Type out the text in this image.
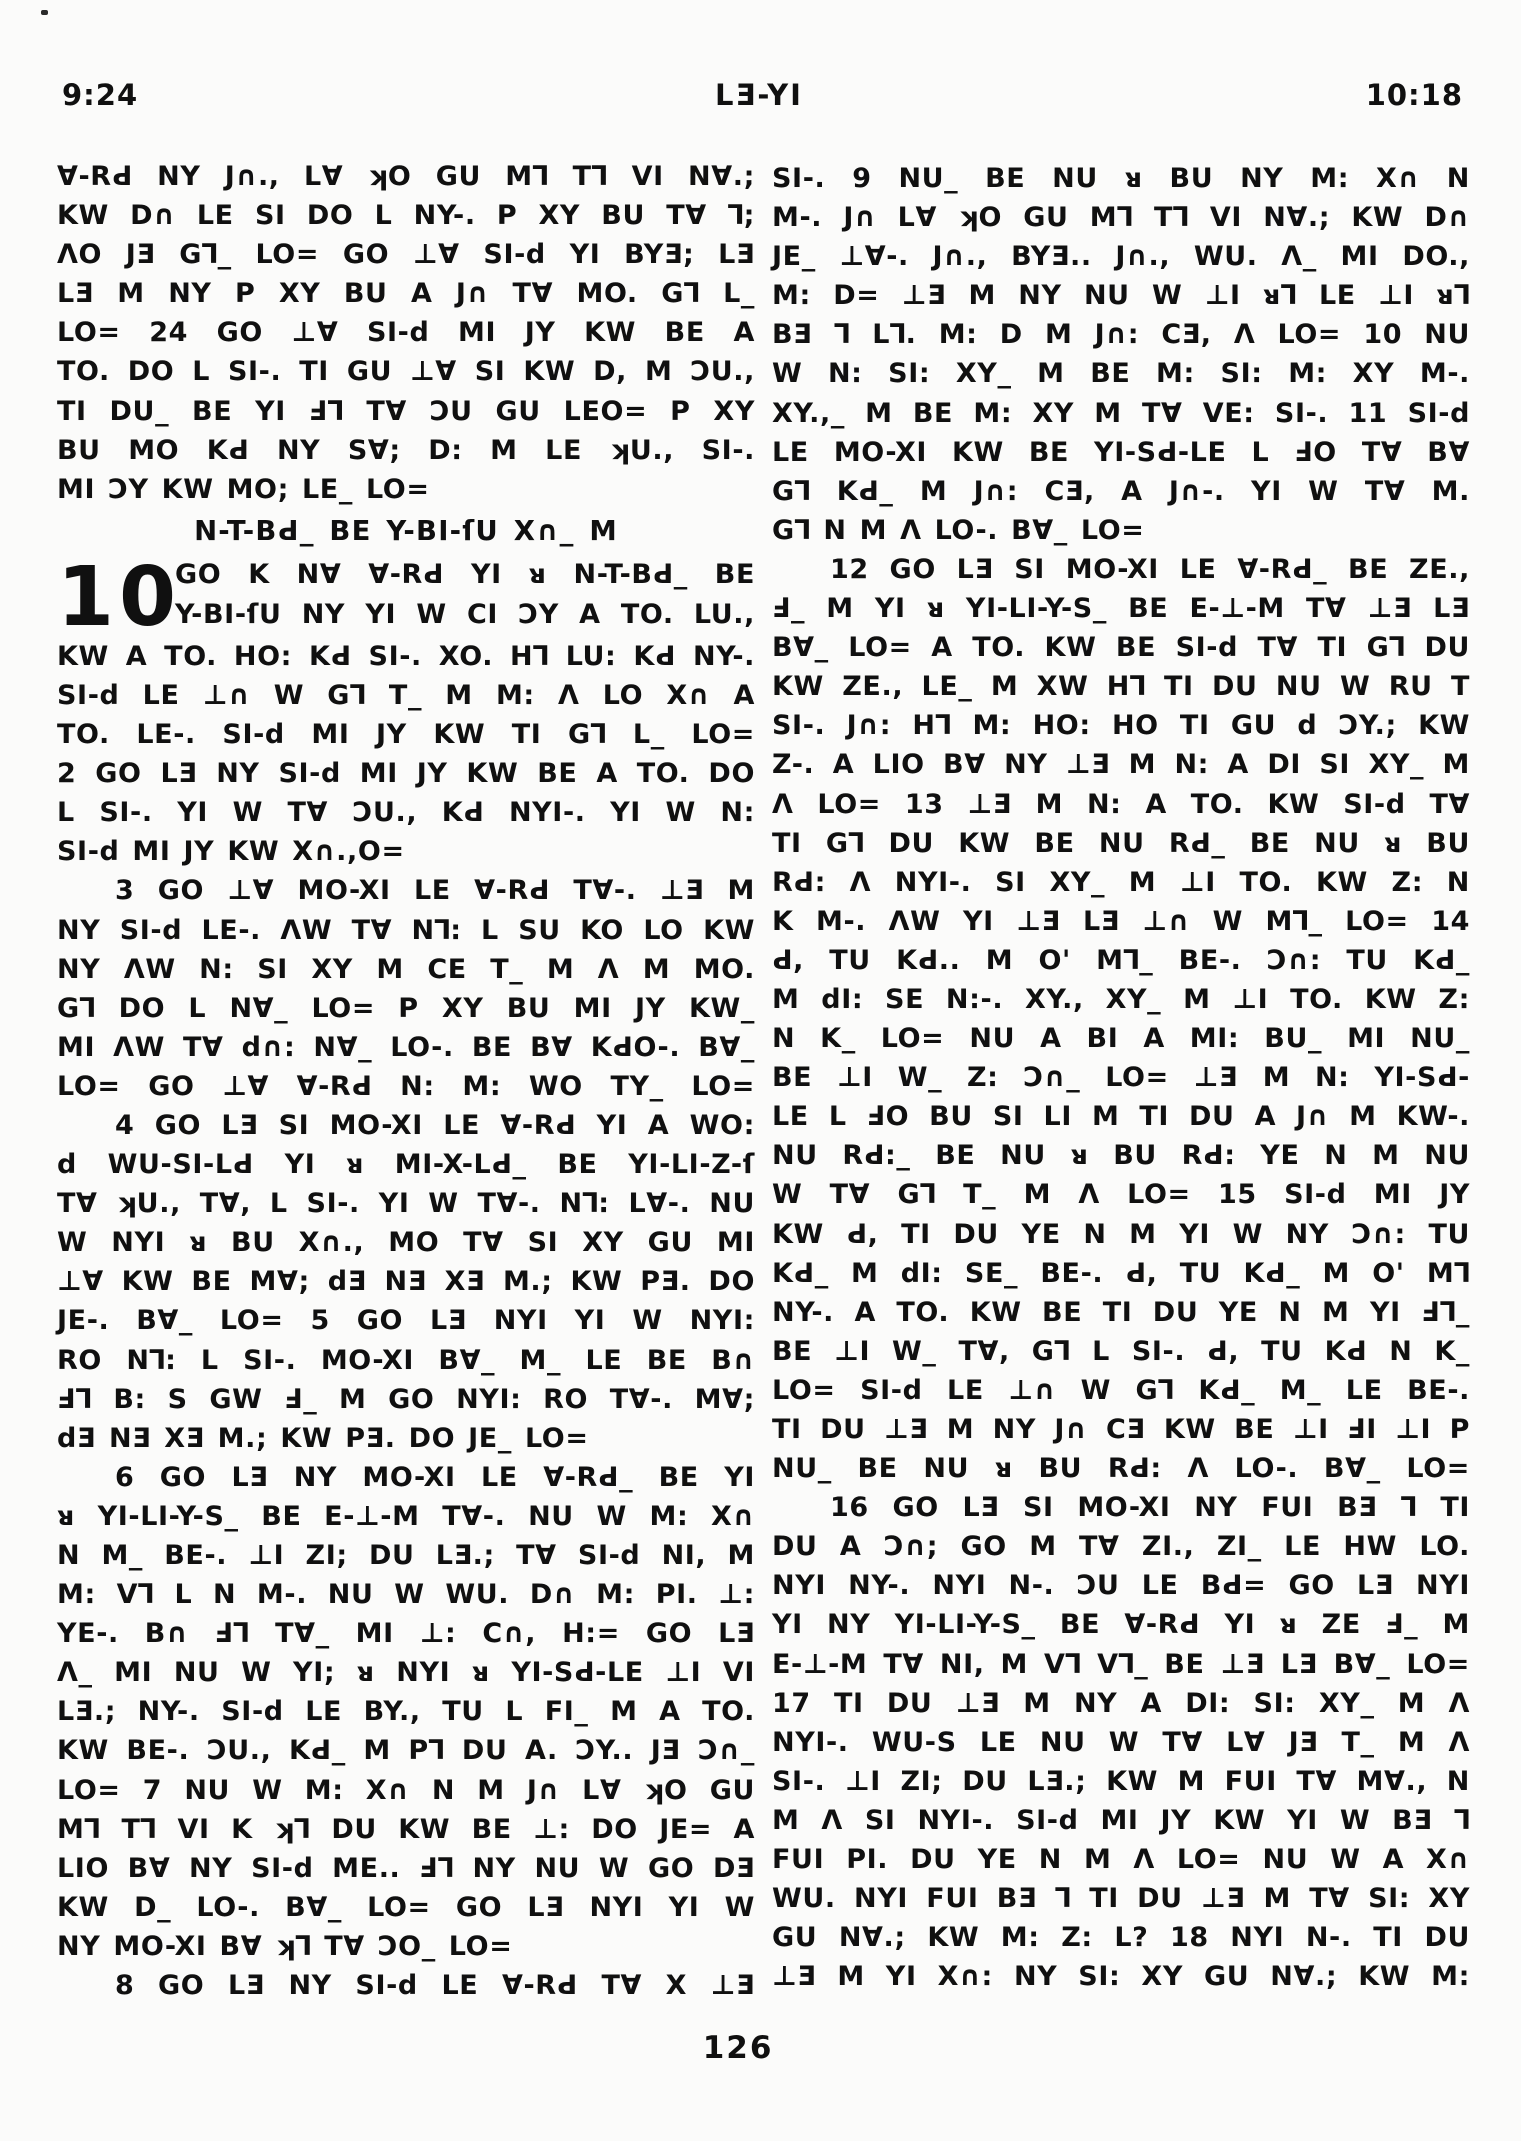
9:24	LƎ-YI	10:18
∀-RԀ NY J∩., L∀ ʞO GU M⅂ T⅂ VI N∀.;
KW D∩ LE SI DO L NY-. P XY BU T∀ ⅂;
ΛO JƎ G⅂_ LO= GO ⊥∀ SI-d YI BYƎ; LƎ
LƎ M NY P XY BU A J∩ T∀ MO. G⅂ L_
LO= 24 GO ⊥∀ SI-d MI JY KW BE A
TO. DO L SI-. TI GU ⊥∀ SI KW D, M ƆU.,
TI DU_ BE YI Ⅎ⅂ T∀ ƆU GU LEO= P XY
BU MO KԀ NY S∀; D: M LE ʞU., SI-.
MI ƆY KW MO; LE_ LO=
N-T-BԀ_ BE Y-BI-ſU X∩_ M
10
GO K N∀ ∀-RԀ YI ᴚ N-T-BԀ_ BE
Y-BI-ſU NY YI W CI ƆY A TO. LU.,
KW A TO. HO: KԀ SI-. XO. H⅂ LU: KԀ NY-.
SI-d LE ⊥∩ W G⅂ T_ M M: Λ LO X∩ A
TO. LE-. SI-d MI JY KW TI G⅂ L_ LO=
2 GO LƎ NY SI-d MI JY KW BE A TO. DO
L SI-. YI W T∀ ƆU., KԀ NYI-. YI W N:
SI-d MI JY KW X∩.,O=
3 GO ⊥∀ MO-XI LE ∀-RԀ T∀-. ⊥Ǝ M
NY SI-d LE-. ΛW T∀ N⅂: L SU KO LO KW
NY ΛW N: SI XY M CE T_ M Λ M MO.
G⅂ DO L N∀_ LO= P XY BU MI JY KW_
MI ΛW T∀ d∩: N∀_ LO-. BE B∀ KԀO-. B∀_
LO= GO ⊥∀ ∀-RԀ N: M: WO TY_ LO=
4 GO LƎ SI MO-XI LE ∀-RԀ YI A WO:
d WU-SI-LԀ YI ᴚ MI-X-LԀ_ BE YI-LI-Z-ſ
T∀ ʞU., T∀, L SI-. YI W T∀-. N⅂: L∀-. NU
W NYI ᴚ BU X∩., MO T∀ SI XY GU MI
⊥∀ KW BE M∀; dƎ NƎ XƎ M.; KW PƎ. DO
JE-. B∀_ LO= 5 GO LƎ NYI YI W NYI:
RO N⅂: L SI-. MO-XI B∀_ M_ LE BE B∩
Ⅎ⅂ B: S GW Ⅎ_ M GO NYI: RO T∀-. M∀;
dƎ NƎ XƎ M.; KW PƎ. DO JE_ LO=
6 GO LƎ NY MO-XI LE ∀-RԀ_ BE YI
ᴚ YI-LI-Y-S_ BE E-⊥-M T∀-. NU W M: X∩
N M_ BE-. ⊥I ZI; DU LƎ.; T∀ SI-d NI, M
M: V⅂ L N M-. NU W WU. D∩ M: PI. ⊥:
YE-. B∩ Ⅎ⅂ T∀_ MI ⊥: C∩, H:= GO LƎ
Λ_ MI NU W YI; ᴚ NYI ᴚ YI-SԀ-LE ⊥I VI
LƎ.; NY-. SI-d LE BY., TU L FI_ M A TO.
KW BE-. ƆU., KԀ_ M P⅂ DU A. ƆY.. JƎ Ɔ∩_
LO= 7 NU W M: X∩ N M J∩ L∀ ʞO GU
M⅂ T⅂ VI K ʞ⅂ DU KW BE ⊥: DO JE= A
LIO B∀ NY SI-d ME.. Ⅎ⅂ NY NU W GO DƎ
KW D_ LO-. B∀_ LO= GO LƎ NYI YI W
NY MO-XI B∀ ʞ⅂ T∀ ƆO_ LO=
8 GO LƎ NY SI-d LE ∀-RԀ T∀ X ⊥Ǝ
SI-. 9 NU_ BE NU ᴚ BU NY M: X∩ N
M-. J∩ L∀ ʞO GU M⅂ T⅂ VI N∀.; KW D∩
JE_ ⊥∀-. J∩., BYƎ.. J∩., WU. Λ_ MI DO.,
M: D= ⊥Ǝ M NY NU W ⊥I ᴚ⅂ LE ⊥I ᴚ⅂
BƎ ⅂ L⅂. M: D M J∩: CƎ, Λ LO= 10 NU
W N: SI: XY_ M BE M: SI: M: XY M-.
XY.,_ M BE M: XY M T∀ VE: SI-. 11 SI-d
LE MO-XI KW BE YI-SԀ-LE L ℲO T∀ B∀
G⅂ KԀ_ M J∩: CƎ, A J∩-. YI W T∀ M.
G⅂ N M Λ LO-. B∀_ LO=
12 GO LƎ SI MO-XI LE ∀-RԀ_ BE ZE.,
Ⅎ_ M YI ᴚ YI-LI-Y-S_ BE E-⊥-M T∀ ⊥Ǝ LƎ
B∀_ LO= A TO. KW BE SI-d T∀ TI G⅂ DU
KW ZE., LE_ M XW H⅂ TI DU NU W RU T
SI-. J∩: H⅂ M: HO: HO TI GU d ƆY.; KW
Z-. A LIO B∀ NY ⊥Ǝ M N: A DI SI XY_ M
Λ LO= 13 ⊥Ǝ M N: A TO. KW SI-d T∀
TI G⅂ DU KW BE NU RԀ_ BE NU ᴚ BU
RԀ: Λ NYI-. SI XY_ M ⊥I TO. KW Z: N
K M-. ΛW YI ⊥Ǝ LƎ ⊥∩ W M⅂_ LO= 14
Ԁ, TU KԀ.. M O' M⅂_ BE-. Ɔ∩: TU KԀ_
M dI: SE N:-. XY., XY_ M ⊥I TO. KW Z:
N K_ LO= NU A BI A MI: BU_ MI NU_
BE ⊥I W_ Z: Ɔ∩_ LO= ⊥Ǝ M N: YI-SԀ-
LE L ℲO BU SI LI M TI DU A J∩ M KW-.
NU RԀ:_ BE NU ᴚ BU RԀ: YE N M NU
W T∀ G⅂ T_ M Λ LO= 15 SI-d MI JY
KW Ԁ, TI DU YE N M YI W NY Ɔ∩: TU
KԀ_ M dI: SE_ BE-. Ԁ, TU KԀ_ M O' M⅂
NY-. A TO. KW BE TI DU YE N M YI Ⅎ⅂_
BE ⊥I W_ T∀, G⅂ L SI-. Ԁ, TU KԀ N K_
LO= SI-d LE ⊥∩ W G⅂ KԀ_ M_ LE BE-.
TI DU ⊥Ǝ M NY J∩ CƎ KW BE ⊥I ℲI ⊥I P
NU_ BE NU ᴚ BU RԀ: Λ LO-. B∀_ LO=
16 GO LƎ SI MO-XI NY FUI BƎ ⅂ TI
DU A Ɔ∩; GO M T∀ ZI., ZI_ LE HW LO.
NYI NY-. NYI N-. ƆU LE BԀ= GO LƎ NYI
YI NY YI-LI-Y-S_ BE ∀-RԀ YI ᴚ ZE Ⅎ_ M
E-⊥-M T∀ NI, M V⅂ V⅂_ BE ⊥Ǝ LƎ B∀_ LO=
17 TI DU ⊥Ǝ M NY A DI: SI: XY_ M Λ
NYI-. WU-S LE NU W T∀ L∀ JƎ T_ M Λ
SI-. ⊥I ZI; DU LƎ.; KW M FUI T∀ M∀., N
M Λ SI NYI-. SI-d MI JY KW YI W BƎ ⅂
FUI PI. DU YE N M Λ LO= NU W A X∩
WU. NYI FUI BƎ ⅂ TI DU ⊥Ǝ M T∀ SI: XY
GU N∀.; KW M: Z: L? 18 NYI N-. TI DU
⊥Ǝ M YI X∩: NY SI: XY GU N∀.; KW M:
126
